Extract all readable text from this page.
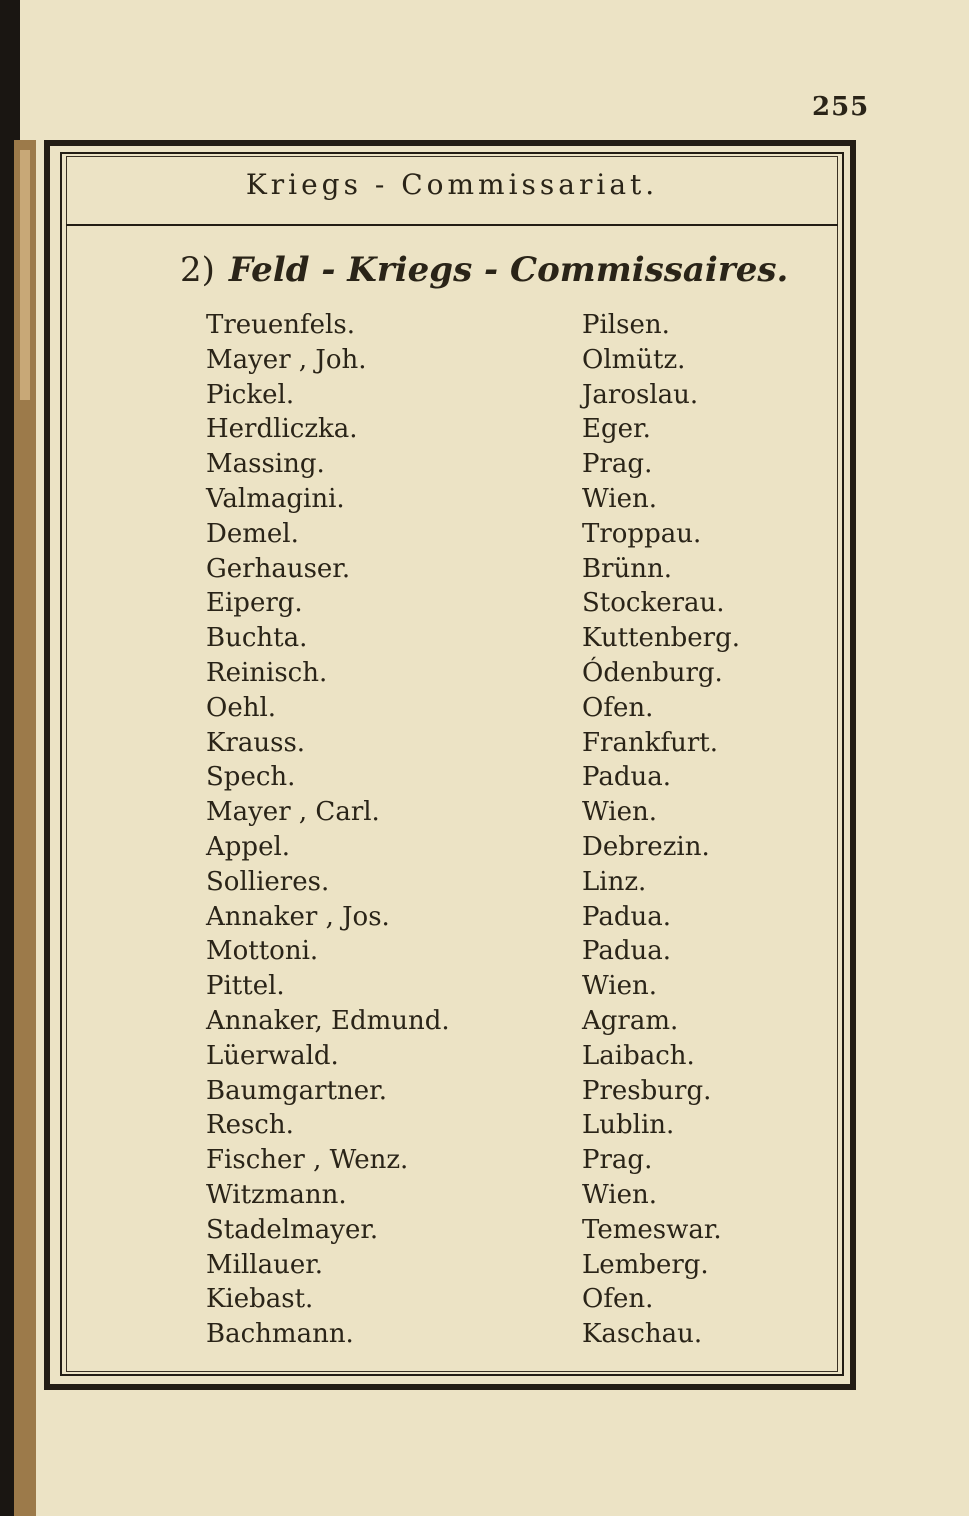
255
Kriegs - Commissariat.
2) Feld - Kriegs - Commissaires.
Treuenfels.	Pilsen.
Mayer , Joh.	Olmütz.
Pickel.	Jaroslau.
Herdliczka.	Eger.
Massing.	Prag.
Valmagini.	Wien.
Demel.	Troppau.
Gerhauser.	Brünn.
Eiperg.	Stockerau.
Buchta.	Kuttenberg.
Reinisch.	Ódenburg.
Oehl.	Ofen.
Krauss.	Frankfurt.
Spech.	Padua.
Mayer , Carl.	Wien.
Appel.	Debrezin.
Sollieres.	Linz.
Annaker , Jos.	Padua.
Mottoni.	Padua.
Pittel.	Wien.
Annaker, Edmund.	Agram.
Lüerwald.	Laibach.
Baumgartner.	Presburg.
Resch.	Lublin.
Fischer , Wenz.	Prag.
Witzmann.	Wien.
Stadelmayer.	Temeswar.
Millauer.	Lemberg.
Kiebast.	Ofen.
Bachmann.	Kaschau.
